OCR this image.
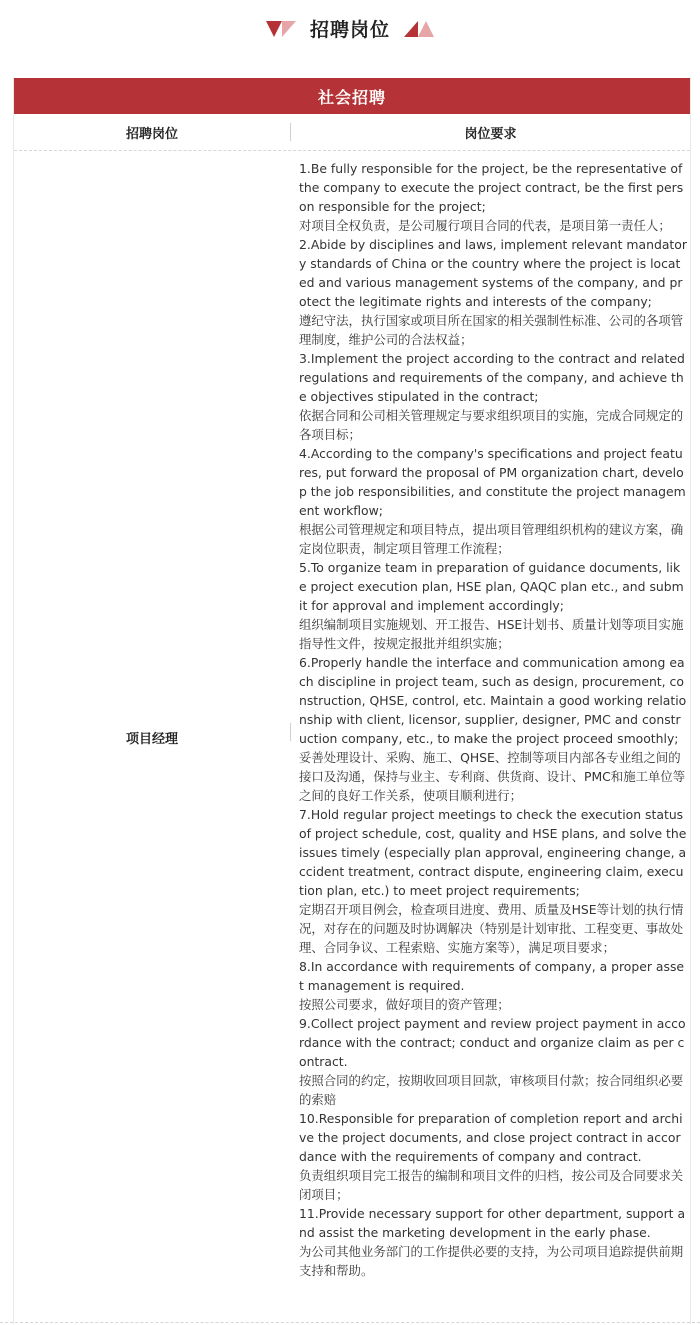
招聘岗位
社会招聘
招聘岗位	岗位要求
项目经理

1.Be fully responsible for the project, be the representative of the company to execute the project contract, be the first person responsible for the project;

对项目全权负责，是公司履行项目合同的代表，是项目第一责任人；

2.Abide by disciplines and laws, implement relevant mandatory standards of China or the country where the project is located and various management systems of the company, and protect the legitimate rights and interests of the company;

遵纪守法，执行国家或项目所在国家的相关强制性标准、公司的各项管理制度，维护公司的合法权益；

3.Implement the project according to the contract and related regulations and requirements of the company, and achieve the objectives stipulated in the contract;

依据合同和公司相关管理规定与要求组织项目的实施，完成合同规定的各项目标；

4.According to the company's specifications and project features, put forward the proposal of PM organization chart, develop the job responsibilities, and constitute the project management workflow;

根据公司管理规定和项目特点，提出项目管理组织机构的建议方案，确定岗位职责，制定项目管理工作流程；

5.To organize team in preparation of guidance documents, like project execution plan, HSE plan, QAQC plan etc., and submit for approval and implement accordingly;

组织编制项目实施规划、开工报告、HSE计划书、质量计划等项目实施指导性文件，按规定报批并组织实施；

6.Properly handle the interface and communication among each discipline in project team, such as design, procurement, construction, QHSE, control, etc. Maintain a good working relationship with client, licensor, supplier, designer, PMC and construction company, etc., to make the project proceed smoothly;

妥善处理设计、采购、施工、QHSE、控制等项目内部各专业组之间的接口及沟通，保持与业主、专利商、供货商、设计、PMC和施工单位等之间的良好工作关系，使项目顺利进行；

7.Hold regular project meetings to check the execution status of project schedule, cost, quality and HSE plans, and solve the issues timely (especially plan approval, engineering change, accident treatment, contract dispute, engineering claim, execution plan, etc.) to meet project requirements;

定期召开项目例会，检查项目进度、费用、质量及HSE等计划的执行情况，对存在的问题及时协调解决（特别是计划审批、工程变更、事故处理、合同争议、工程索赔、实施方案等），满足项目要求；

8.In accordance with requirements of company, a proper asset management is required.

按照公司要求，做好项目的资产管理；

9.Collect project payment and review project payment in accordance with the contract; conduct and organize claim as per contract.

按照合同的约定，按期收回项目回款，审核项目付款；按合同组织必要的索赔

10.Responsible for preparation of completion report and archive the project documents, and close project contract in accordance with the requirements of company and contract.

负责组织项目完工报告的编制和项目文件的归档，按公司及合同要求关闭项目；

11.Provide necessary support for other department, support and assist the marketing development in the early phase.

为公司其他业务部门的工作提供必要的支持，为公司项目追踪提供前期支持和帮助。
